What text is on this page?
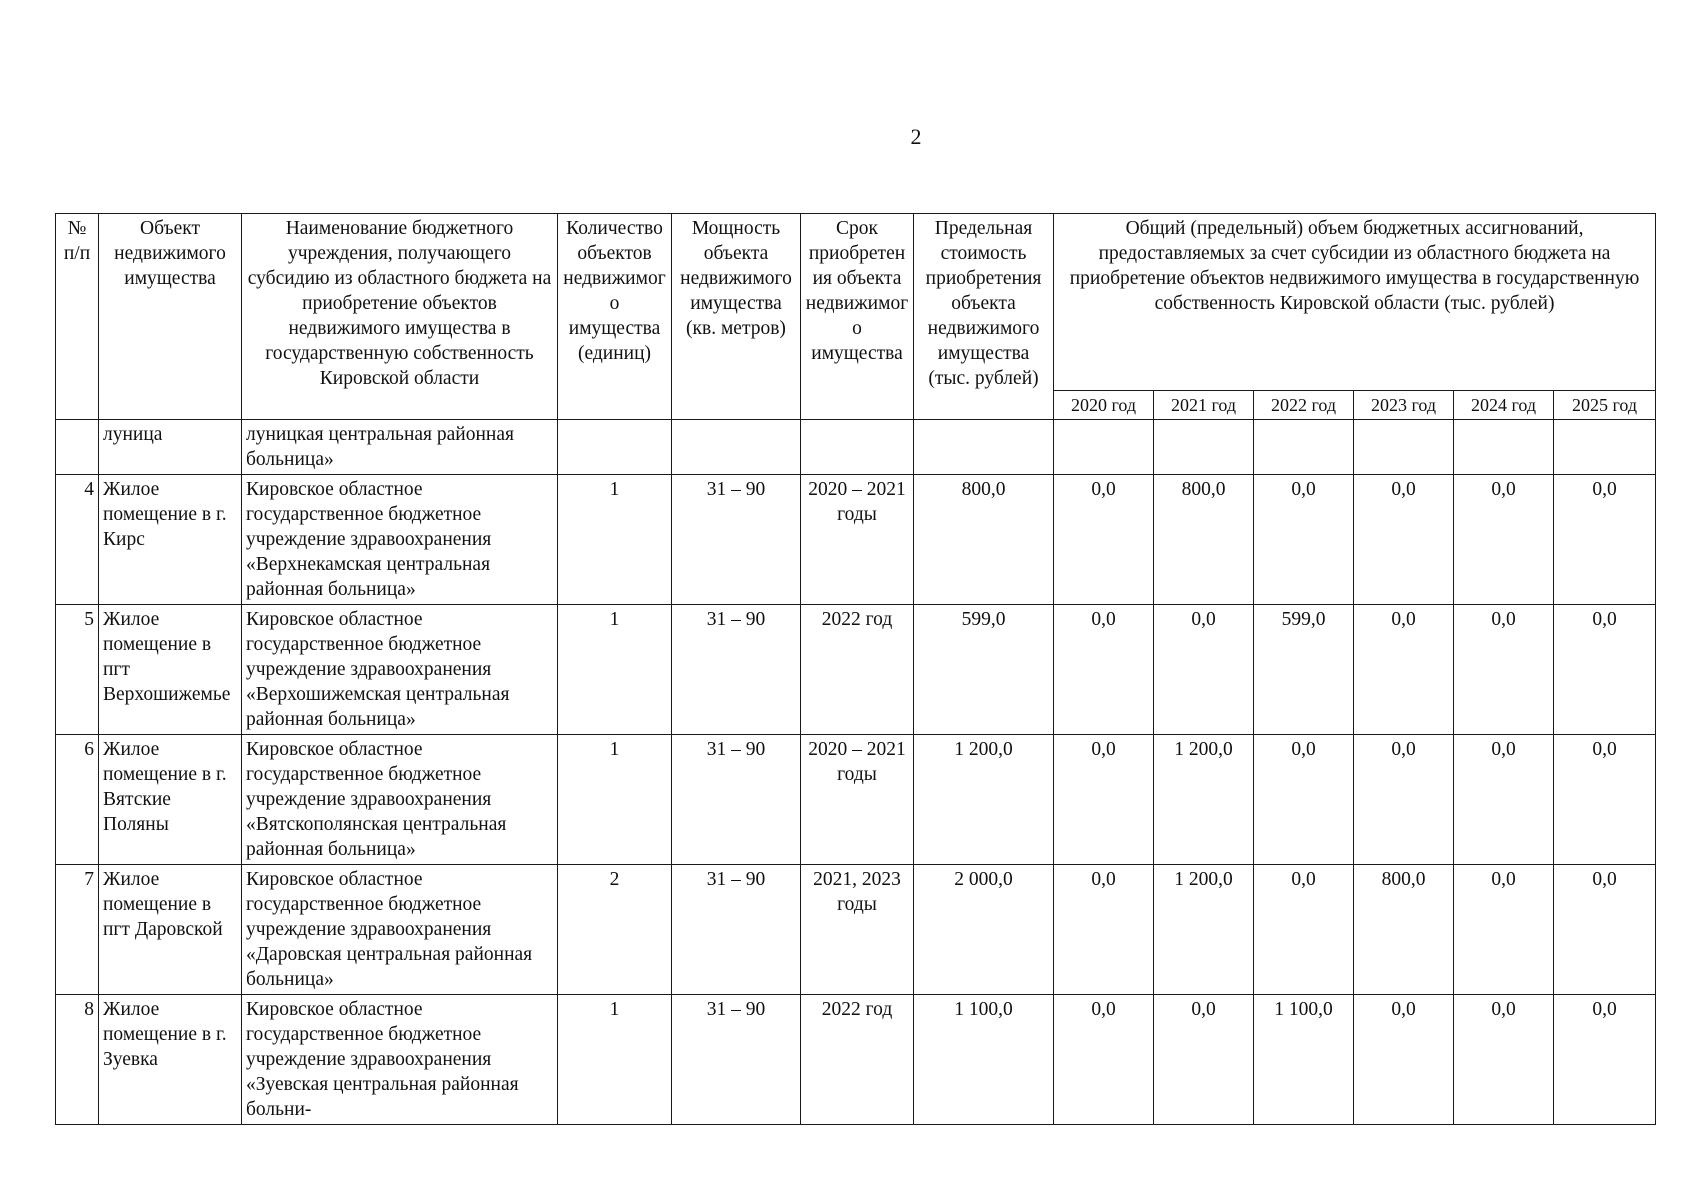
2
№ п/п	Объект недвижимого имущества	Наименование бюджетного учреждения, получающего субсидию из областного бюджета на приобретение объектов недвижимого имущества в государственную собственность Кировской области	Количество объектов недвижимого имущества (единиц)	Мощность объекта недвижимого имущества (кв. метров)	Срок приобретения объекта недвижимого имущества	Предельная стоимость приобретения объекта недвижимого имущества (тыс. рублей)	Общий (предельный) объем бюджетных ассигнований, предоставляемых за счет субсидии из областного бюджета на приобретение объектов недвижимого имущества в государственную собственность Кировской области (тыс. рублей)					
							2020 год	2021 год	2022 год	2023 год	2024 год	2025 год
	луница	луницкая центральная районная больница»										
4	Жилое помещение в г. Кирс	Кировское областное государственное бюджетное учреждение здравоохранения «Верхнекамская центральная районная больница»	1	31 – 90	2020 – 2021 годы	800,0	0,0	800,0	0,0	0,0	0,0	0,0
5	Жилое помещение в пгт Верхошижемье	Кировское областное государственное бюджетное учреждение здравоохранения «Верхошижемская центральная районная больница»	1	31 – 90	2022 год	599,0	0,0	0,0	599,0	0,0	0,0	0,0
6	Жилое помещение в г. Вятские Поляны	Кировское областное государственное бюджетное учреждение здравоохранения «Вятскополянская центральная районная больница»	1	31 – 90	2020 – 2021 годы	1 200,0	0,0	1 200,0	0,0	0,0	0,0	0,0
7	Жилое помещение в пгт Даровской	Кировское областное государственное бюджетное учреждение здравоохранения «Даровская центральная районная больница»	2	31 – 90	2021, 2023 годы	2 000,0	0,0	1 200,0	0,0	800,0	0,0	0,0
8	Жилое помещение в г. Зуевка	Кировское областное государственное бюджетное учреждение здравоохранения «Зуевская центральная районная больни-	1	31 – 90	2022 год	1 100,0	0,0	0,0	1 100,0	0,0	0,0	0,0
